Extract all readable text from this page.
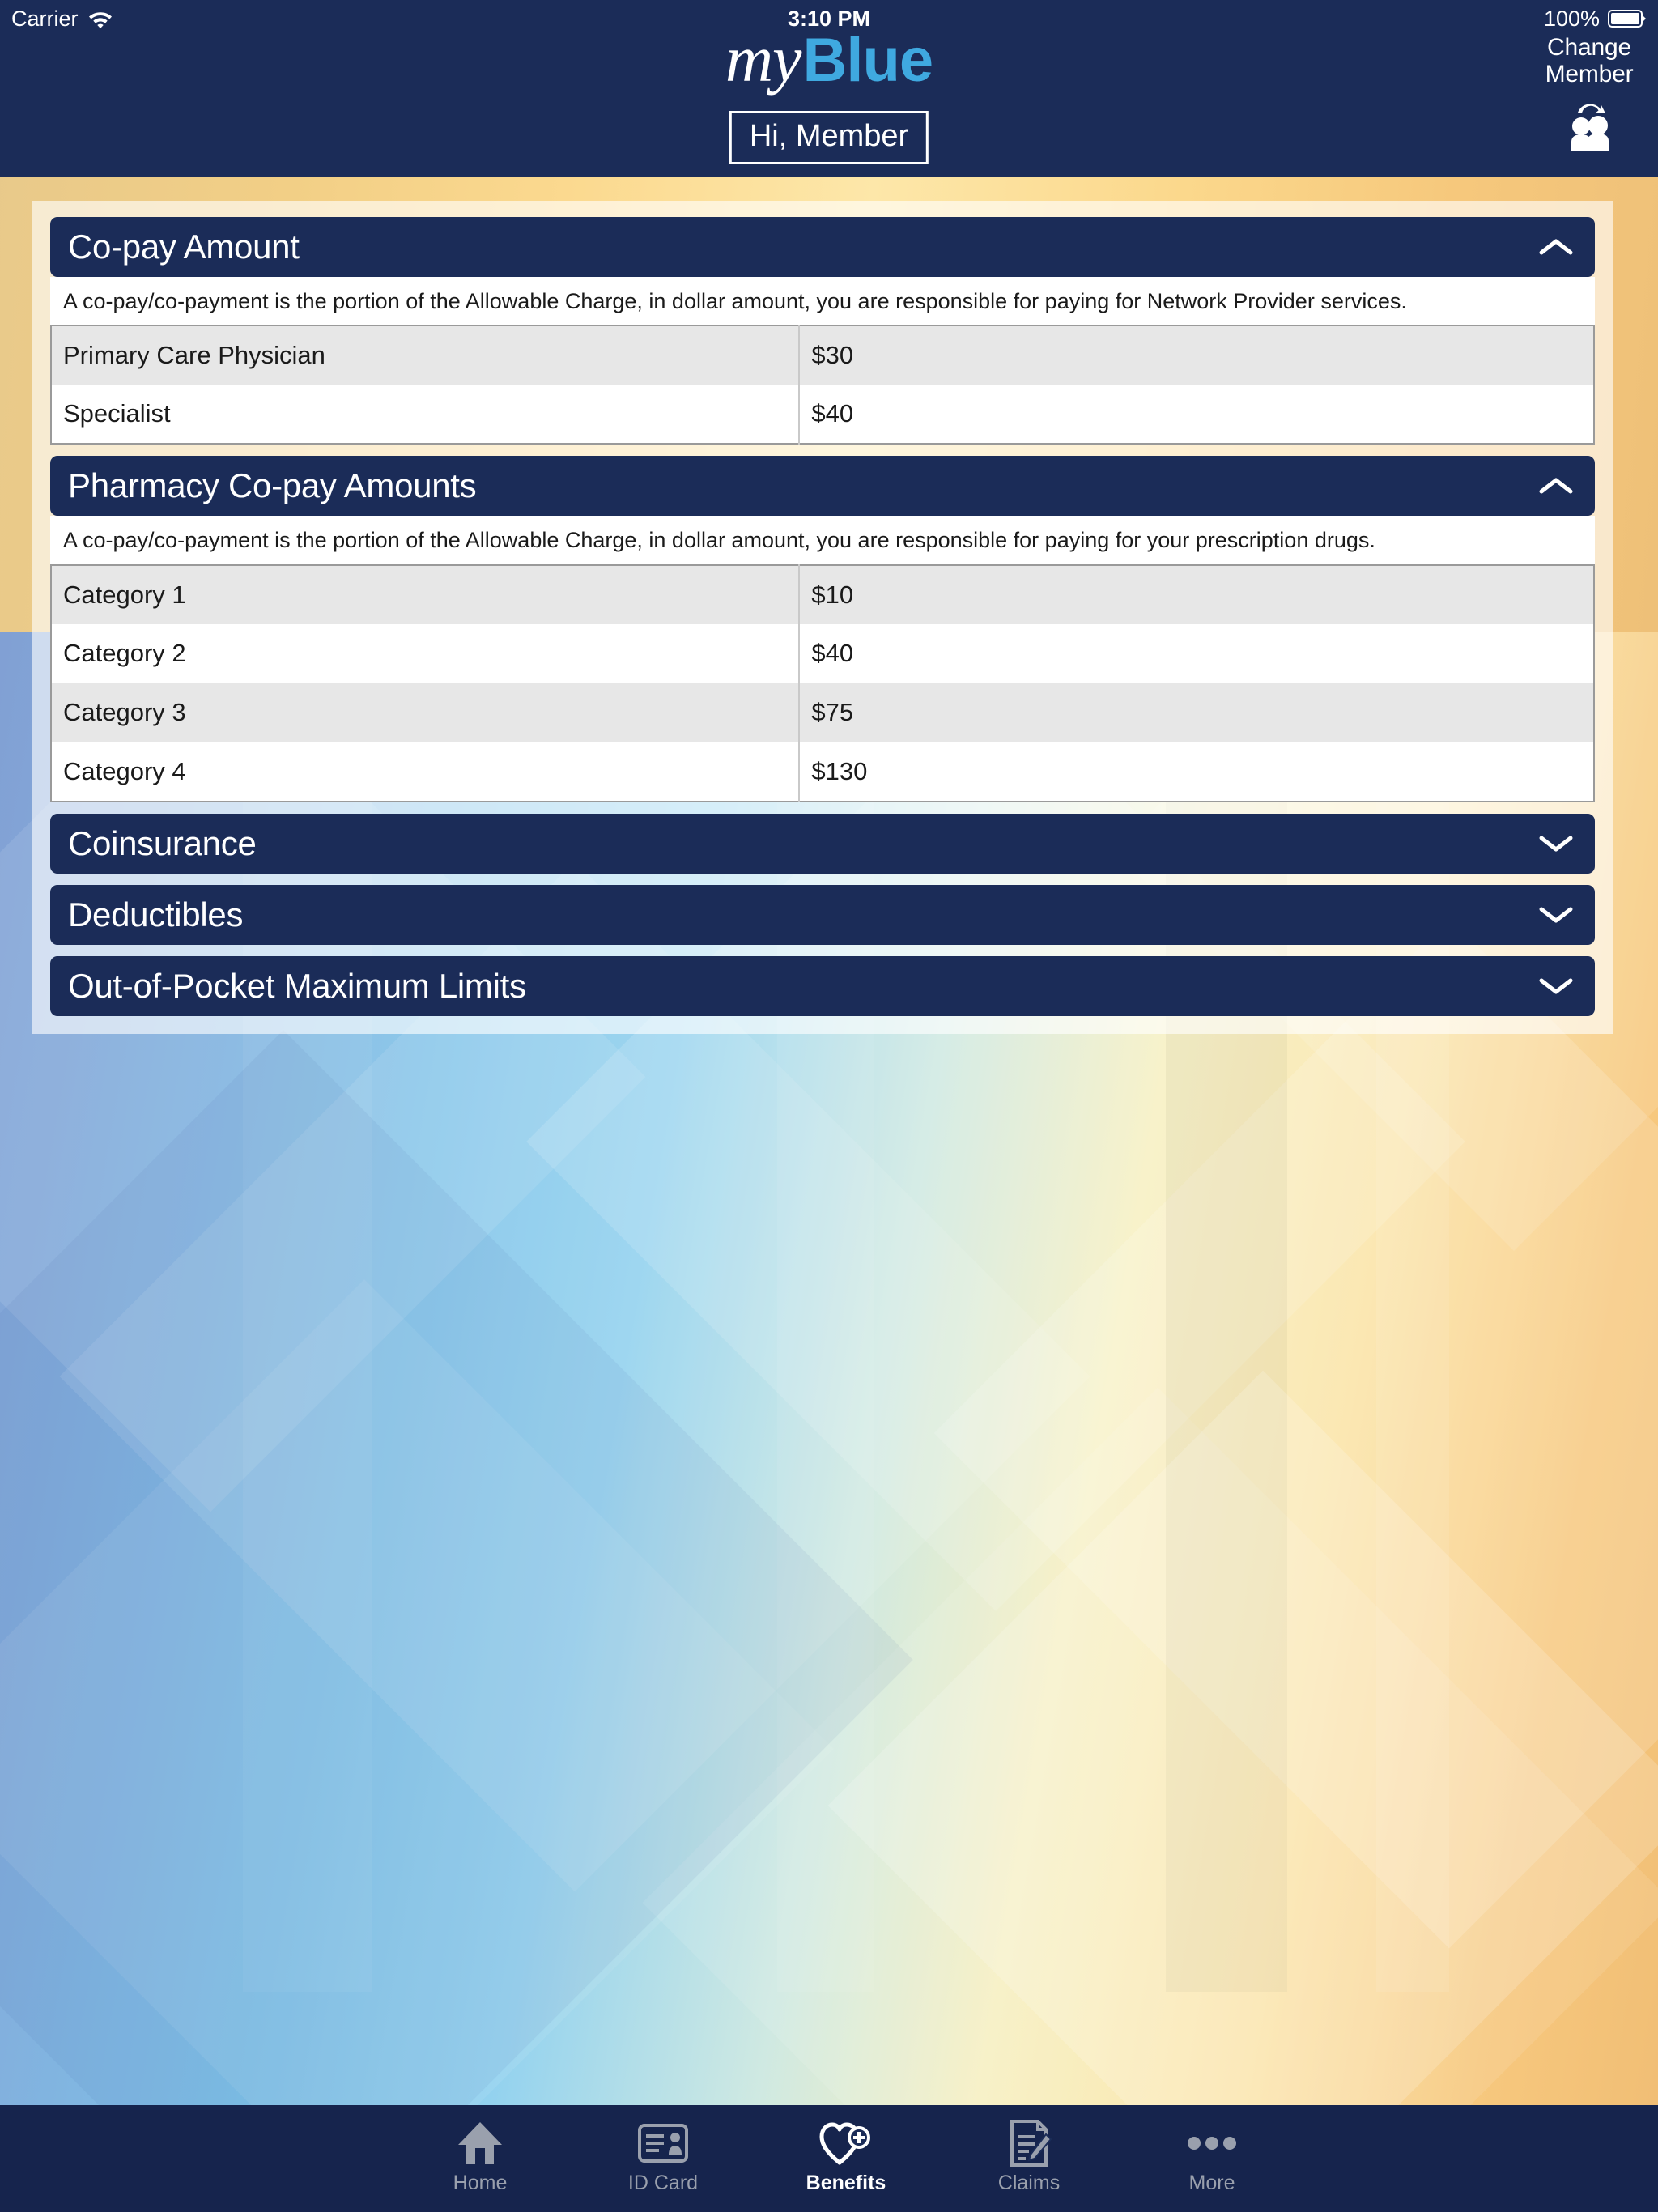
myBlue
Hi, Member
Change
Member
Carrier	3:10 PM	100%
Co-pay Amount
A co-pay/co-payment is the portion of the Allowable Charge, in dollar amount, you are responsible for paying for Network Provider services.
Primary Care Physician	$30
Specialist	$40
Pharmacy Co-pay Amounts
A co-pay/co-payment is the portion of the Allowable Charge, in dollar amount, you are responsible for paying for your prescription drugs.
Category 1	$10
Category 2	$40
Category 3	$75
Category 4	$130
Coinsurance
Deductibles
Out-of-Pocket Maximum Limits
Home	ID Card	Benefits	Claims	More
